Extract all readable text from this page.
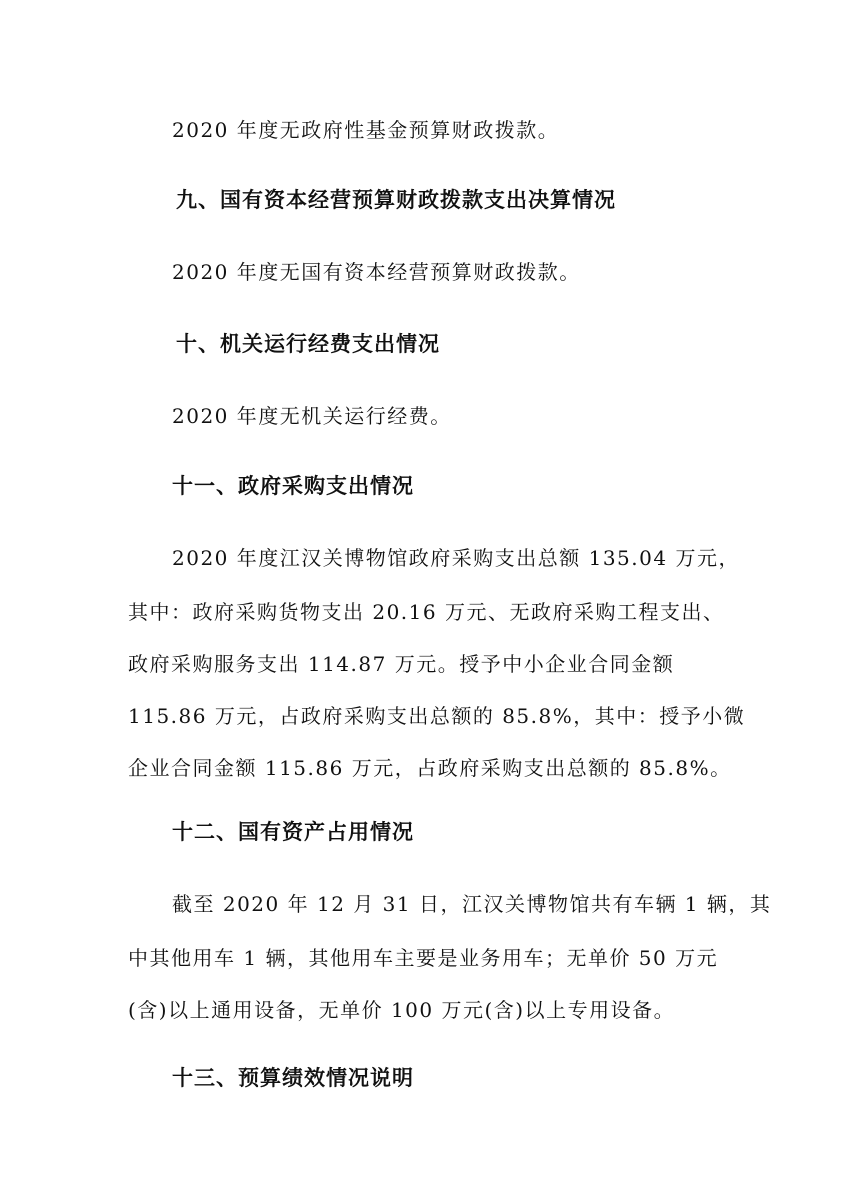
2020 年度无政府性基金预算财政拨款。
九、国有资本经营预算财政拨款支出决算情况
2020 年度无国有资本经营预算财政拨款。
十、机关运行经费支出情况
2020 年度无机关运行经费。
十一、政府采购支出情况
2020 年度江汉关博物馆政府采购支出总额 135.04 万元，
其中：政府采购货物支出 20.16 万元、无政府采购工程支出、
政府采购服务支出 114.87 万元。授予中小企业合同金额
115.86 万元，占政府采购支出总额的 85.8%，其中：授予小微
企业合同金额 115.86 万元，占政府采购支出总额的 85.8%。
十二、国有资产占用情况
截至 2020 年 12 月 31 日，江汉关博物馆共有车辆 1 辆，其
中其他用车 1 辆，其他用车主要是业务用车；无单价 50 万元
(含)以上通用设备，无单价 100 万元(含)以上专用设备。
十三、预算绩效情况说明
